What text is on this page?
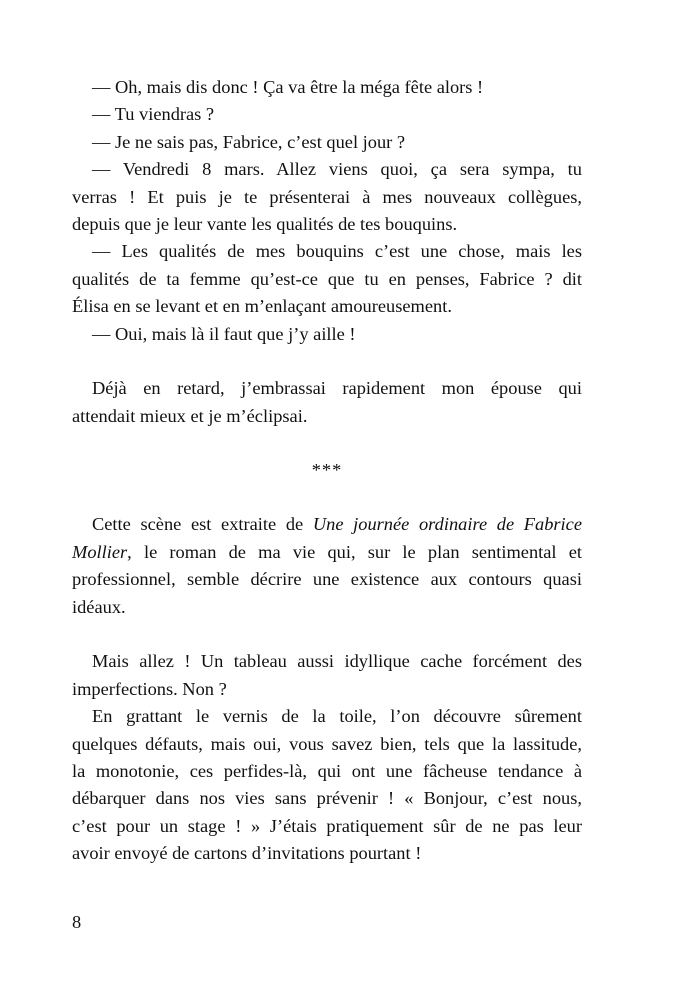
— Oh, mais dis donc ! Ça va être la méga fête alors !
— Tu viendras ?
— Je ne sais pas, Fabrice, c’est quel jour ?
— Vendredi 8 mars. Allez viens quoi, ça sera sympa, tu
verras ! Et puis je te présenterai à mes nouveaux collègues,
depuis que je leur vante les qualités de tes bouquins.
— Les qualités de mes bouquins c’est une chose, mais les
qualités de ta femme qu’est-ce que tu en penses, Fabrice ? dit
Élisa en se levant et en m’enlaçant amoureusement.
— Oui, mais là il faut que j’y aille !
Déjà en retard, j’embrassai rapidement mon épouse qui
attendait mieux et je m’éclipsai.
***
Cette scène est extraite de Une journée ordinaire de Fabrice
Mollier, le roman de ma vie qui, sur le plan sentimental et
professionnel, semble décrire une existence aux contours quasi
idéaux.
Mais allez ! Un tableau aussi idyllique cache forcément des
imperfections. Non ?
En grattant le vernis de la toile, l’on découvre sûrement
quelques défauts, mais oui, vous savez bien, tels que la lassitude,
la monotonie, ces perfides-là, qui ont une fâcheuse tendance à
débarquer dans nos vies sans prévenir ! « Bonjour, c’est nous,
c’est pour un stage ! » J’étais pratiquement sûr de ne pas leur
avoir envoyé de cartons d’invitations pourtant !
8
